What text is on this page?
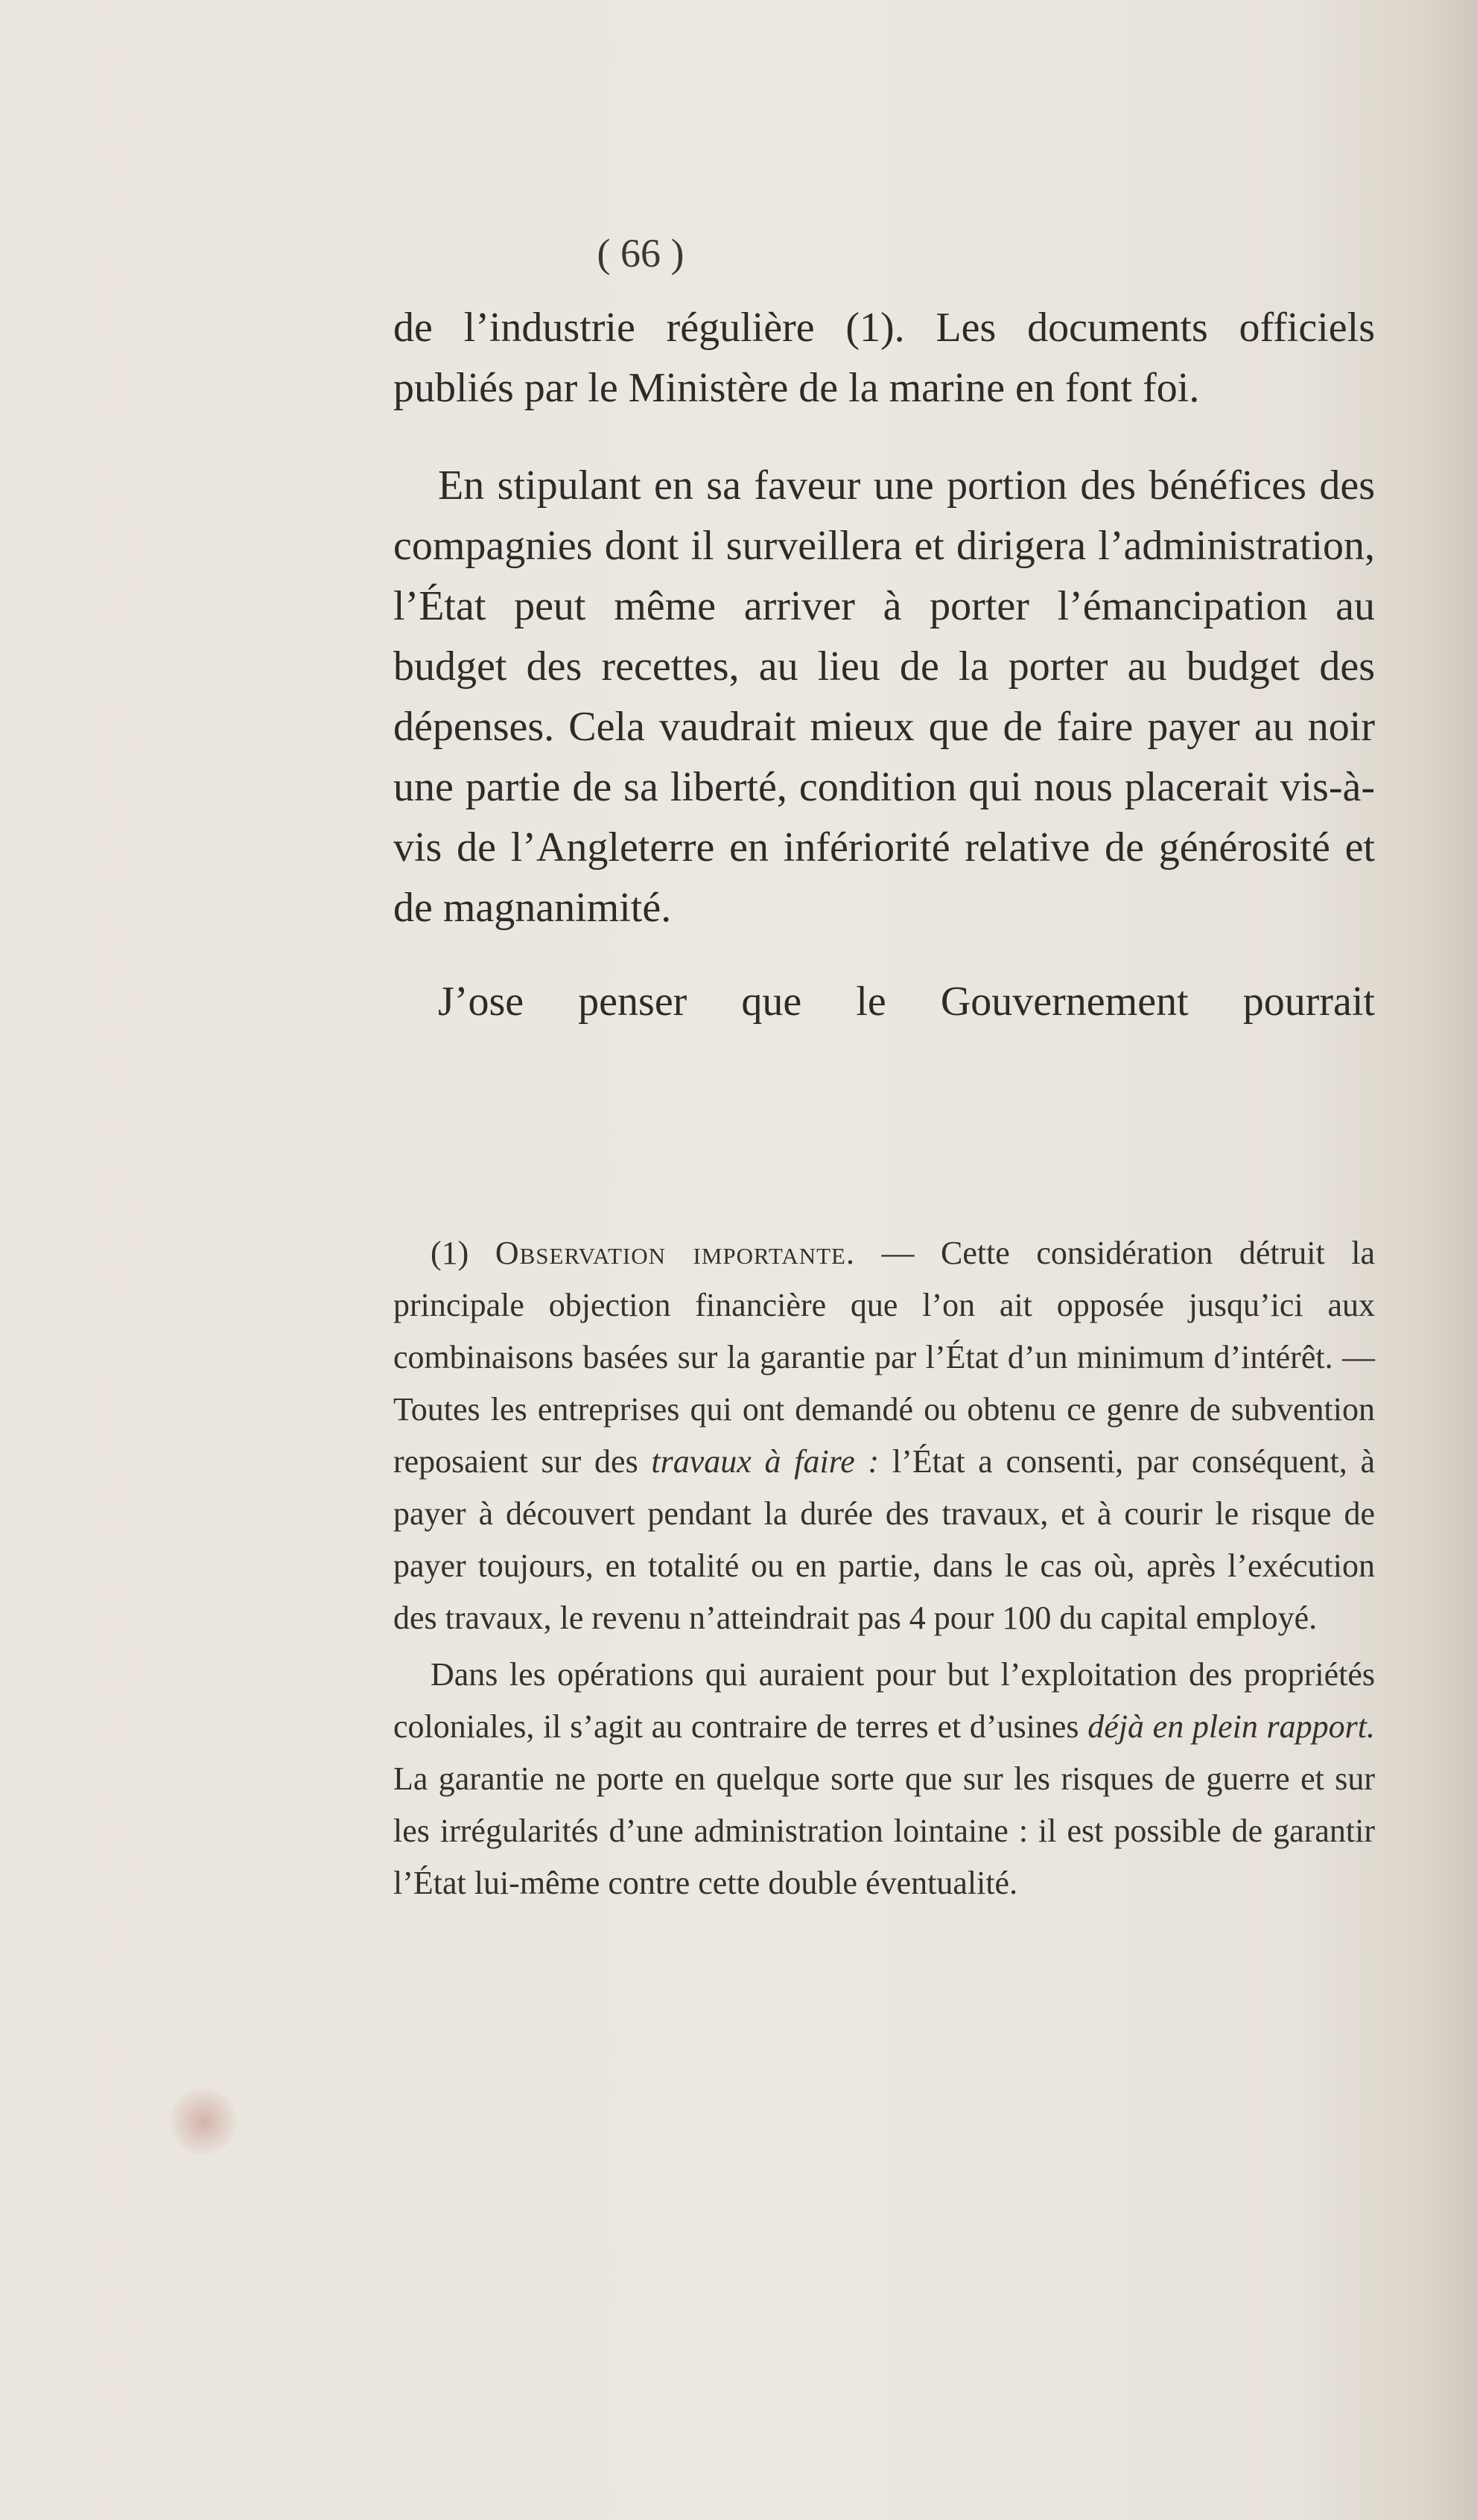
( 66 )

de l’industrie régulière (1). Les documents officiels publiés par le Ministère de la marine en font foi.

En stipulant en sa faveur une portion des bénéfices des compagnies dont il surveillera et dirigera l’administration, l’État peut même arriver à porter l’émancipation au budget des recettes, au lieu de la porter au budget des dépenses. Cela vaudrait mieux que de faire payer au noir une partie de sa liberté, condition qui nous placerait vis-à-vis de l’Angleterre en infériorité relative de générosité et de magnanimité.

J’ose penser que le Gouvernement pourrait

(1) Observation importante. — Cette considération détruit la principale objection financière que l’on ait opposée jusqu’ici aux combinaisons basées sur la garantie par l’État d’un minimum d’intérêt. — Toutes les entreprises qui ont demandé ou obtenu ce genre de subvention reposaient sur des travaux à faire : l’État a consenti, par conséquent, à payer à découvert pendant la durée des travaux, et à courir le risque de payer toujours, en totalité ou en partie, dans le cas où, après l’exécution des travaux, le revenu n’atteindrait pas 4 pour 100 du capital employé.

Dans les opérations qui auraient pour but l’exploitation des propriétés coloniales, il s’agit au contraire de terres et d’usines déjà en plein rapport. La garantie ne porte en quelque sorte que sur les risques de guerre et sur les irrégularités d’une administration lointaine : il est possible de garantir l’État lui-même contre cette double éventualité.
